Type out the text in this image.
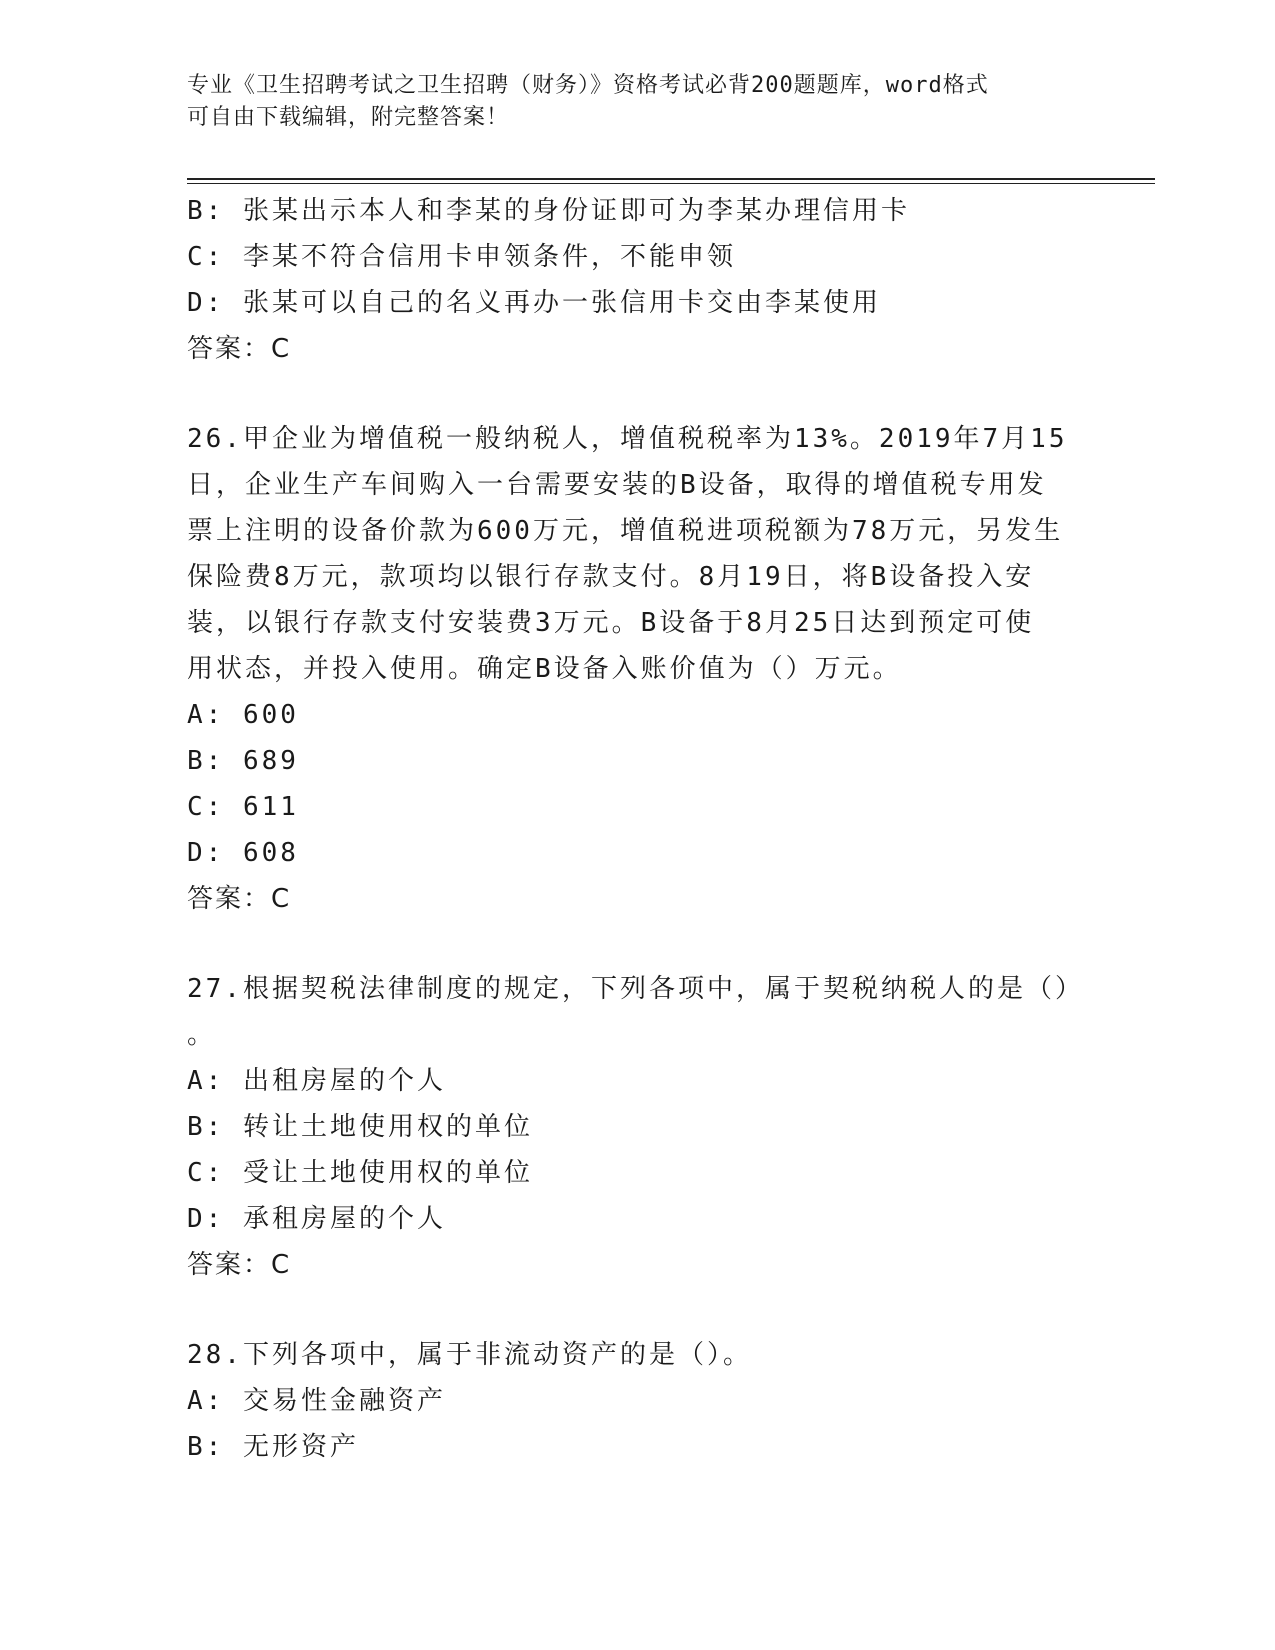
专业《卫生招聘考试之卫生招聘（财务）》资格考试必背200题题库，word格式
可自由下载编辑，附完整答案！
B: 张某出示本人和李某的身份证即可为李某办理信用卡
C: 李某不符合信用卡申领条件，不能申领
D: 张某可以自己的名义再办一张信用卡交由李某使用
答案：C
26.甲企业为增值税一般纳税人，增值税税率为13%。2019年7月15
日，企业生产车间购入一台需要安装的B设备，取得的增值税专用发
票上注明的设备价款为600万元，增值税进项税额为78万元，另发生
保险费8万元，款项均以银行存款支付。8月19日，将B设备投入安
装，以银行存款支付安装费3万元。B设备于8月25日达到预定可使
用状态，并投入使用。确定B设备入账价值为（）万元。
A: 600
B: 689
C: 611
D: 608
答案：C
27.根据契税法律制度的规定，下列各项中，属于契税纳税人的是（）
。
A: 出租房屋的个人
B: 转让土地使用权的单位
C: 受让土地使用权的单位
D: 承租房屋的个人
答案：C
28.下列各项中，属于非流动资产的是（）。
A: 交易性金融资产
B: 无形资产
